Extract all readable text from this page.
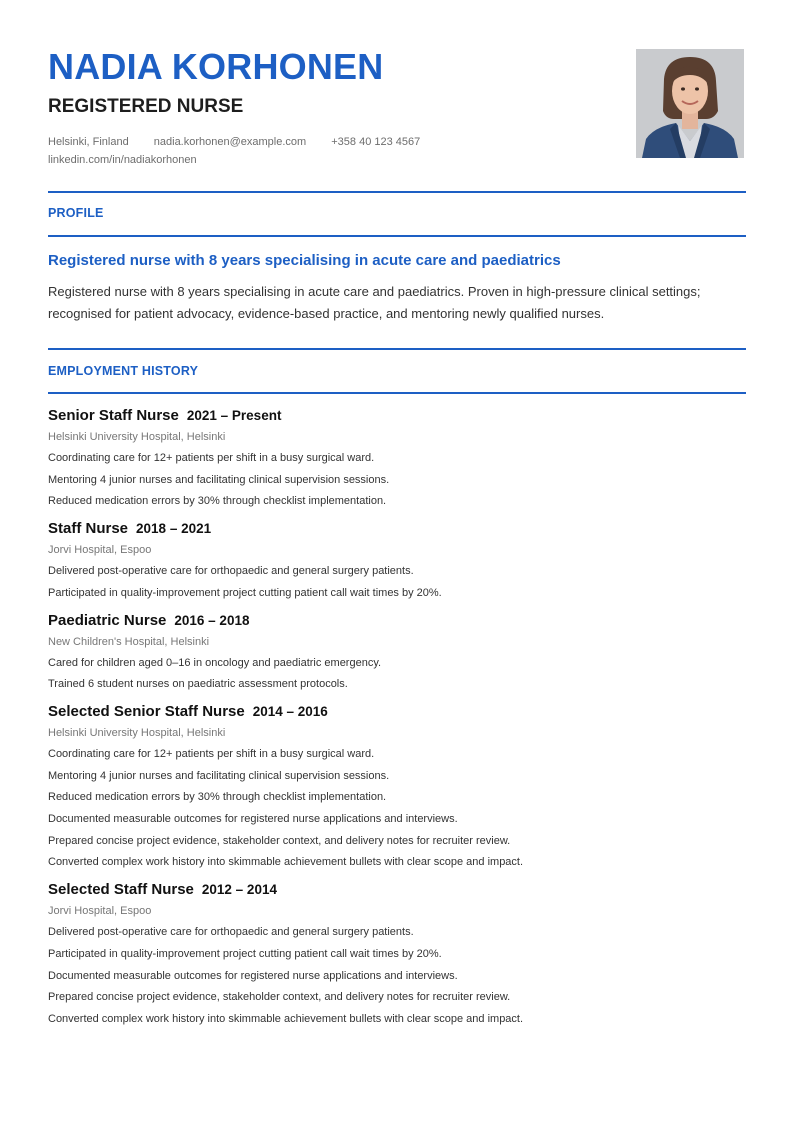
NADIA KORHONEN
REGISTERED NURSE
Helsinki, Finland nadia.korhonen@example.com +358 40 123 4567
linkedin.com/in/nadiakorhonen
PROFILE
Registered nurse with 8 years specialising in acute care and paediatrics
Registered nurse with 8 years specialising in acute care and paediatrics. Proven in high-pressure clinical settings; recognised for patient advocacy, evidence-based practice, and mentoring newly qualified nurses.
EMPLOYMENT HISTORY
Senior Staff Nurse 2021 – Present
Helsinki University Hospital, Helsinki
Coordinating care for 12+ patients per shift in a busy surgical ward.
Mentoring 4 junior nurses and facilitating clinical supervision sessions.
Reduced medication errors by 30% through checklist implementation.
Staff Nurse 2018 – 2021
Jorvi Hospital, Espoo
Delivered post-operative care for orthopaedic and general surgery patients.
Participated in quality-improvement project cutting patient call wait times by 20%.
Paediatric Nurse 2016 – 2018
New Children's Hospital, Helsinki
Cared for children aged 0–16 in oncology and paediatric emergency.
Trained 6 student nurses on paediatric assessment protocols.
Selected Senior Staff Nurse 2014 – 2016
Helsinki University Hospital, Helsinki
Coordinating care for 12+ patients per shift in a busy surgical ward.
Mentoring 4 junior nurses and facilitating clinical supervision sessions.
Reduced medication errors by 30% through checklist implementation.
Documented measurable outcomes for registered nurse applications and interviews.
Prepared concise project evidence, stakeholder context, and delivery notes for recruiter review.
Converted complex work history into skimmable achievement bullets with clear scope and impact.
Selected Staff Nurse 2012 – 2014
Jorvi Hospital, Espoo
Delivered post-operative care for orthopaedic and general surgery patients.
Participated in quality-improvement project cutting patient call wait times by 20%.
Documented measurable outcomes for registered nurse applications and interviews.
Prepared concise project evidence, stakeholder context, and delivery notes for recruiter review.
Converted complex work history into skimmable achievement bullets with clear scope and impact.
